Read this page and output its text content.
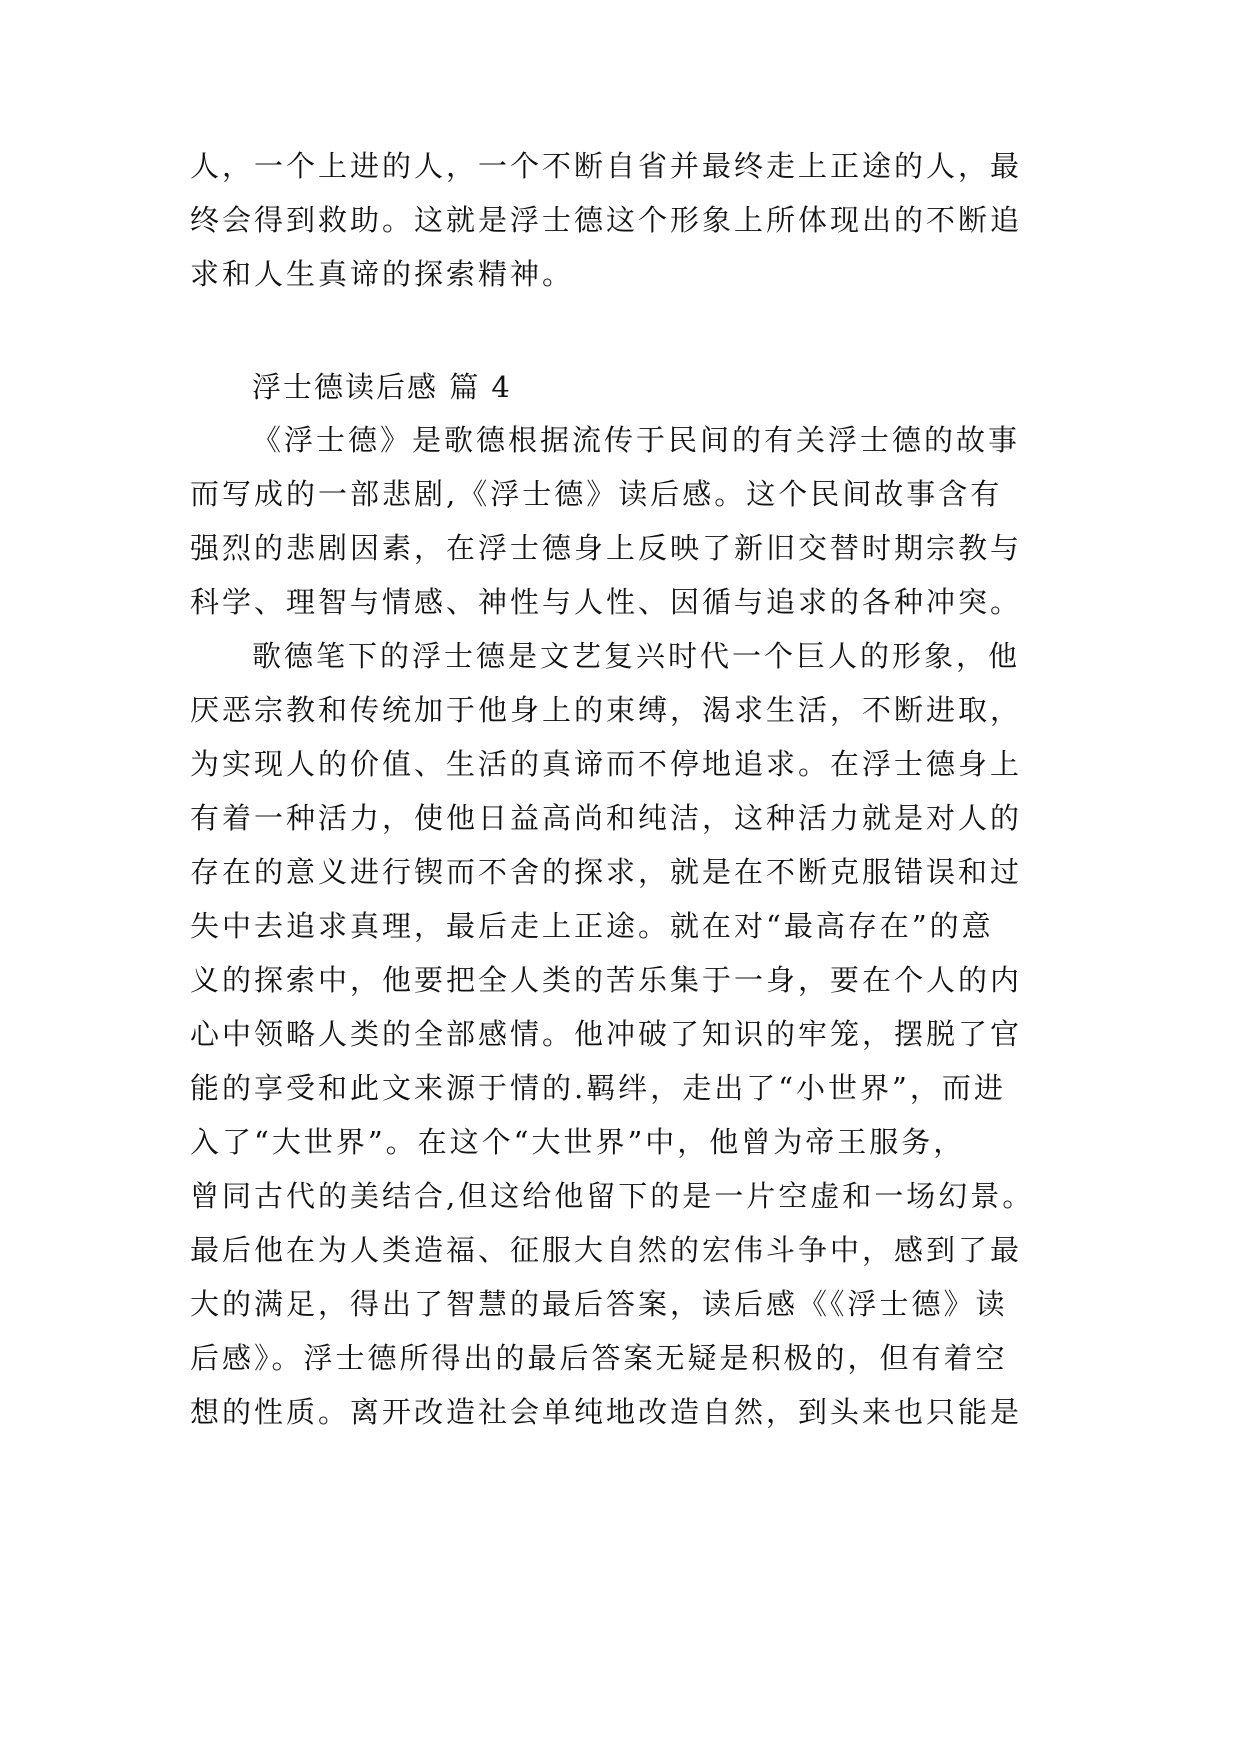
人，一个上进的人，一个不断自省并最终走上正途的人，最
终会得到救助。这就是浮士德这个形象上所体现出的不断追
求和人生真谛的探索精神。
浮士德读后感 篇 4
《浮士德》是歌德根据流传于民间的有关浮士德的故事
而写成的一部悲剧,《浮士德》读后感。这个民间故事含有
强烈的悲剧因素，在浮士德身上反映了新旧交替时期宗教与
科学、理智与情感、神性与人性、因循与追求的各种冲突。
歌德笔下的浮士德是文艺复兴时代一个巨人的形象，他
厌恶宗教和传统加于他身上的束缚，渴求生活，不断进取，
为实现人的价值、生活的真谛而不停地追求。在浮士德身上
有着一种活力，使他日益高尚和纯洁，这种活力就是对人的
存在的意义进行锲而不舍的探求，就是在不断克服错误和过
失中去追求真理，最后走上正途。就在对“最高存在”的意
义的探索中，他要把全人类的苦乐集于一身，要在个人的内
心中领略人类的全部感情。他冲破了知识的牢笼，摆脱了官
能的享受和此文来源于情的.羁绊，走出了“小世界”，而进
入了“大世界”。在这个“大世界”中，他曾为帝王服务，
曾同古代的美结合,但这给他留下的是一片空虚和一场幻景。
最后他在为人类造福、征服大自然的宏伟斗争中，感到了最
大的满足，得出了智慧的最后答案，读后感《《浮士德》读
后感》。浮士德所得出的最后答案无疑是积极的，但有着空
想的性质。离开改造社会单纯地改造自然，到头来也只能是
